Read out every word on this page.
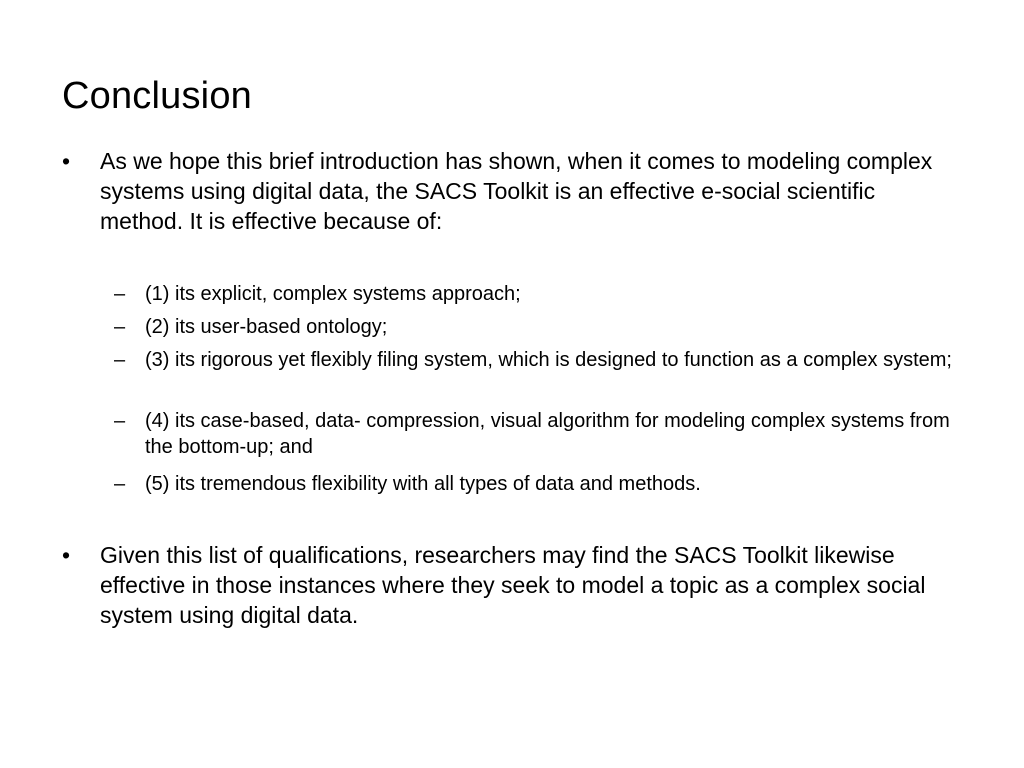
Conclusion
•	As we hope this brief introduction has shown, when it comes to modeling complex systems using digital data, the SACS Toolkit is an effective e-social scientific method. It is effective because of:
– (1) its explicit, complex systems approach;
– (2) its user-based ontology;
– (3) its rigorous yet flexibly filing system, which is designed to function as a complex system;
– (4) its case-based, data- compression, visual algorithm for modeling complex systems from the bottom-up; and
– (5) its tremendous flexibility with all types of data and methods.
•	Given this list of qualifications, researchers may find the SACS Toolkit likewise effective in those instances where they seek to model a topic as a complex social system using digital data.
